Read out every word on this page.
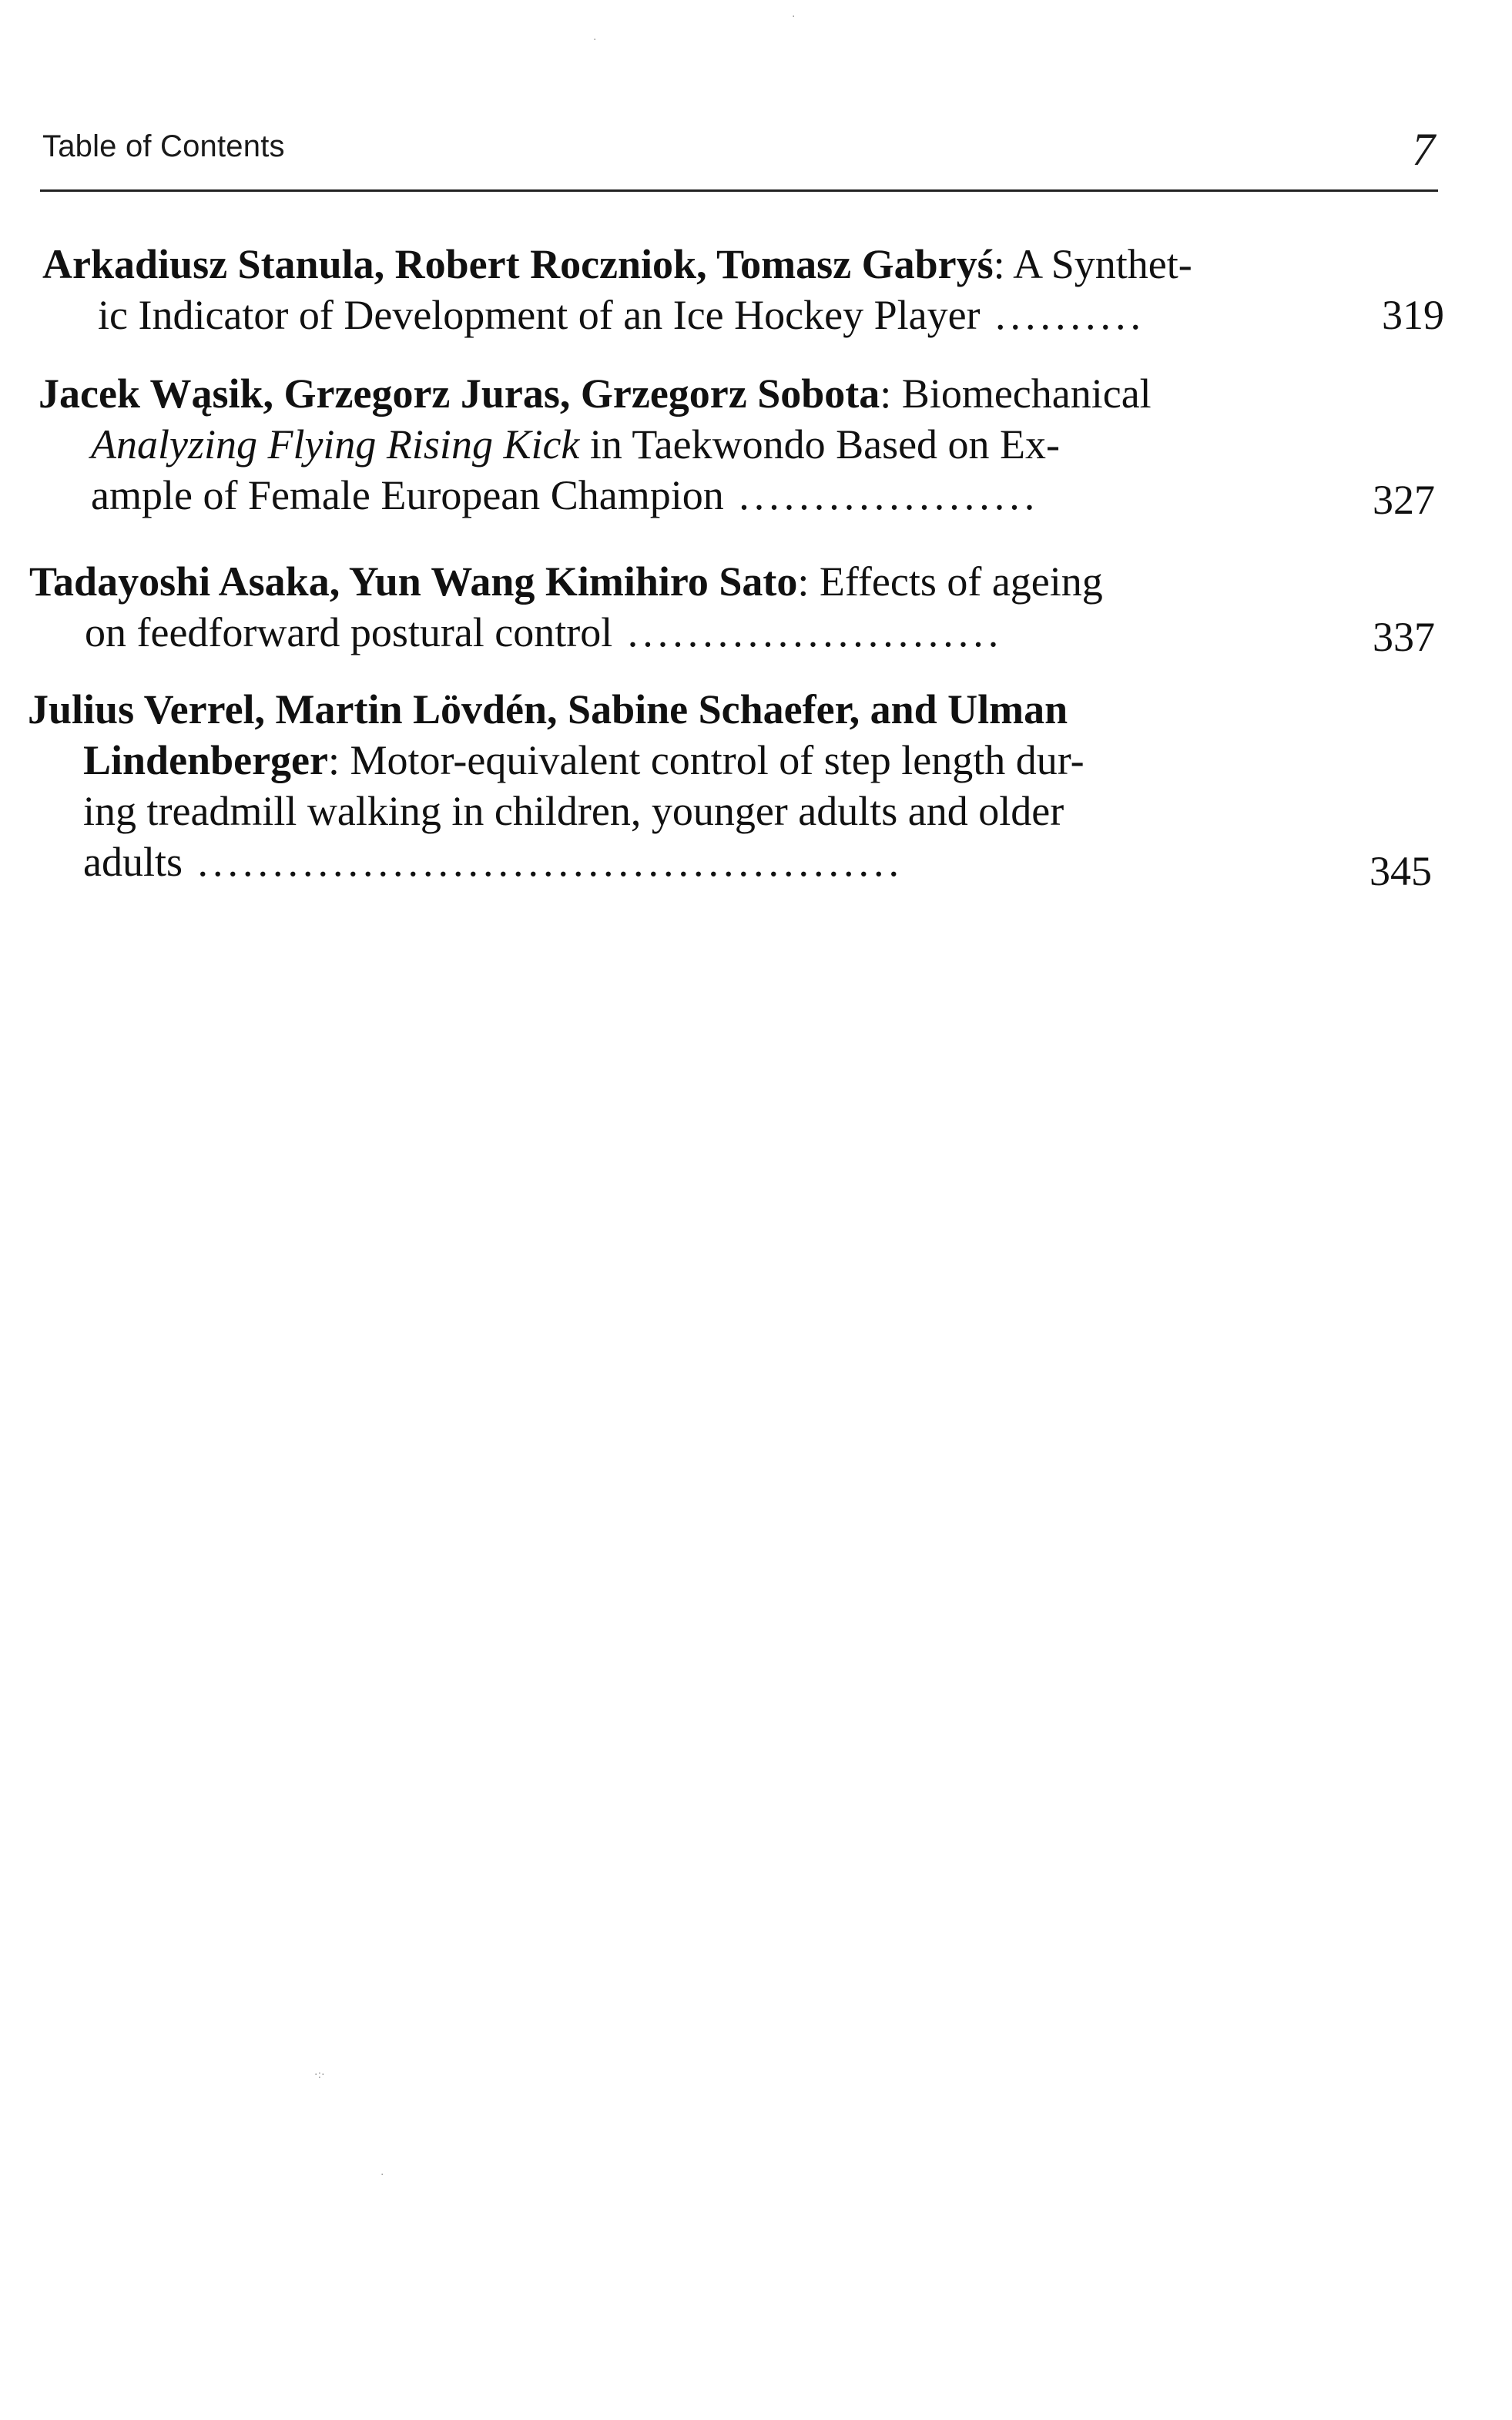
Table of Contents	7
Arkadiusz Stanula, Robert Roczniok, Tomasz Gabryś: A Synthet-
ic Indicator of Development of an Ice Hockey Player ..........	319
Jacek Wąsik, Grzegorz Juras, Grzegorz Sobota: Biomechanical
Analyzing Flying Rising Kick in Taekwondo Based on Ex-
ample of Female European Champion ....................	327
Tadayoshi Asaka, Yun Wang Kimihiro Sato: Effects of ageing
on feedforward postural control .........................	337
Julius Verrel, Martin Lövdén, Sabine Schaefer, and Ulman
Lindenberger: Motor-equivalent control of step length dur-
ing treadmill walking in children, younger adults and older
adults ...............................................	345
·
·
·:·
·
